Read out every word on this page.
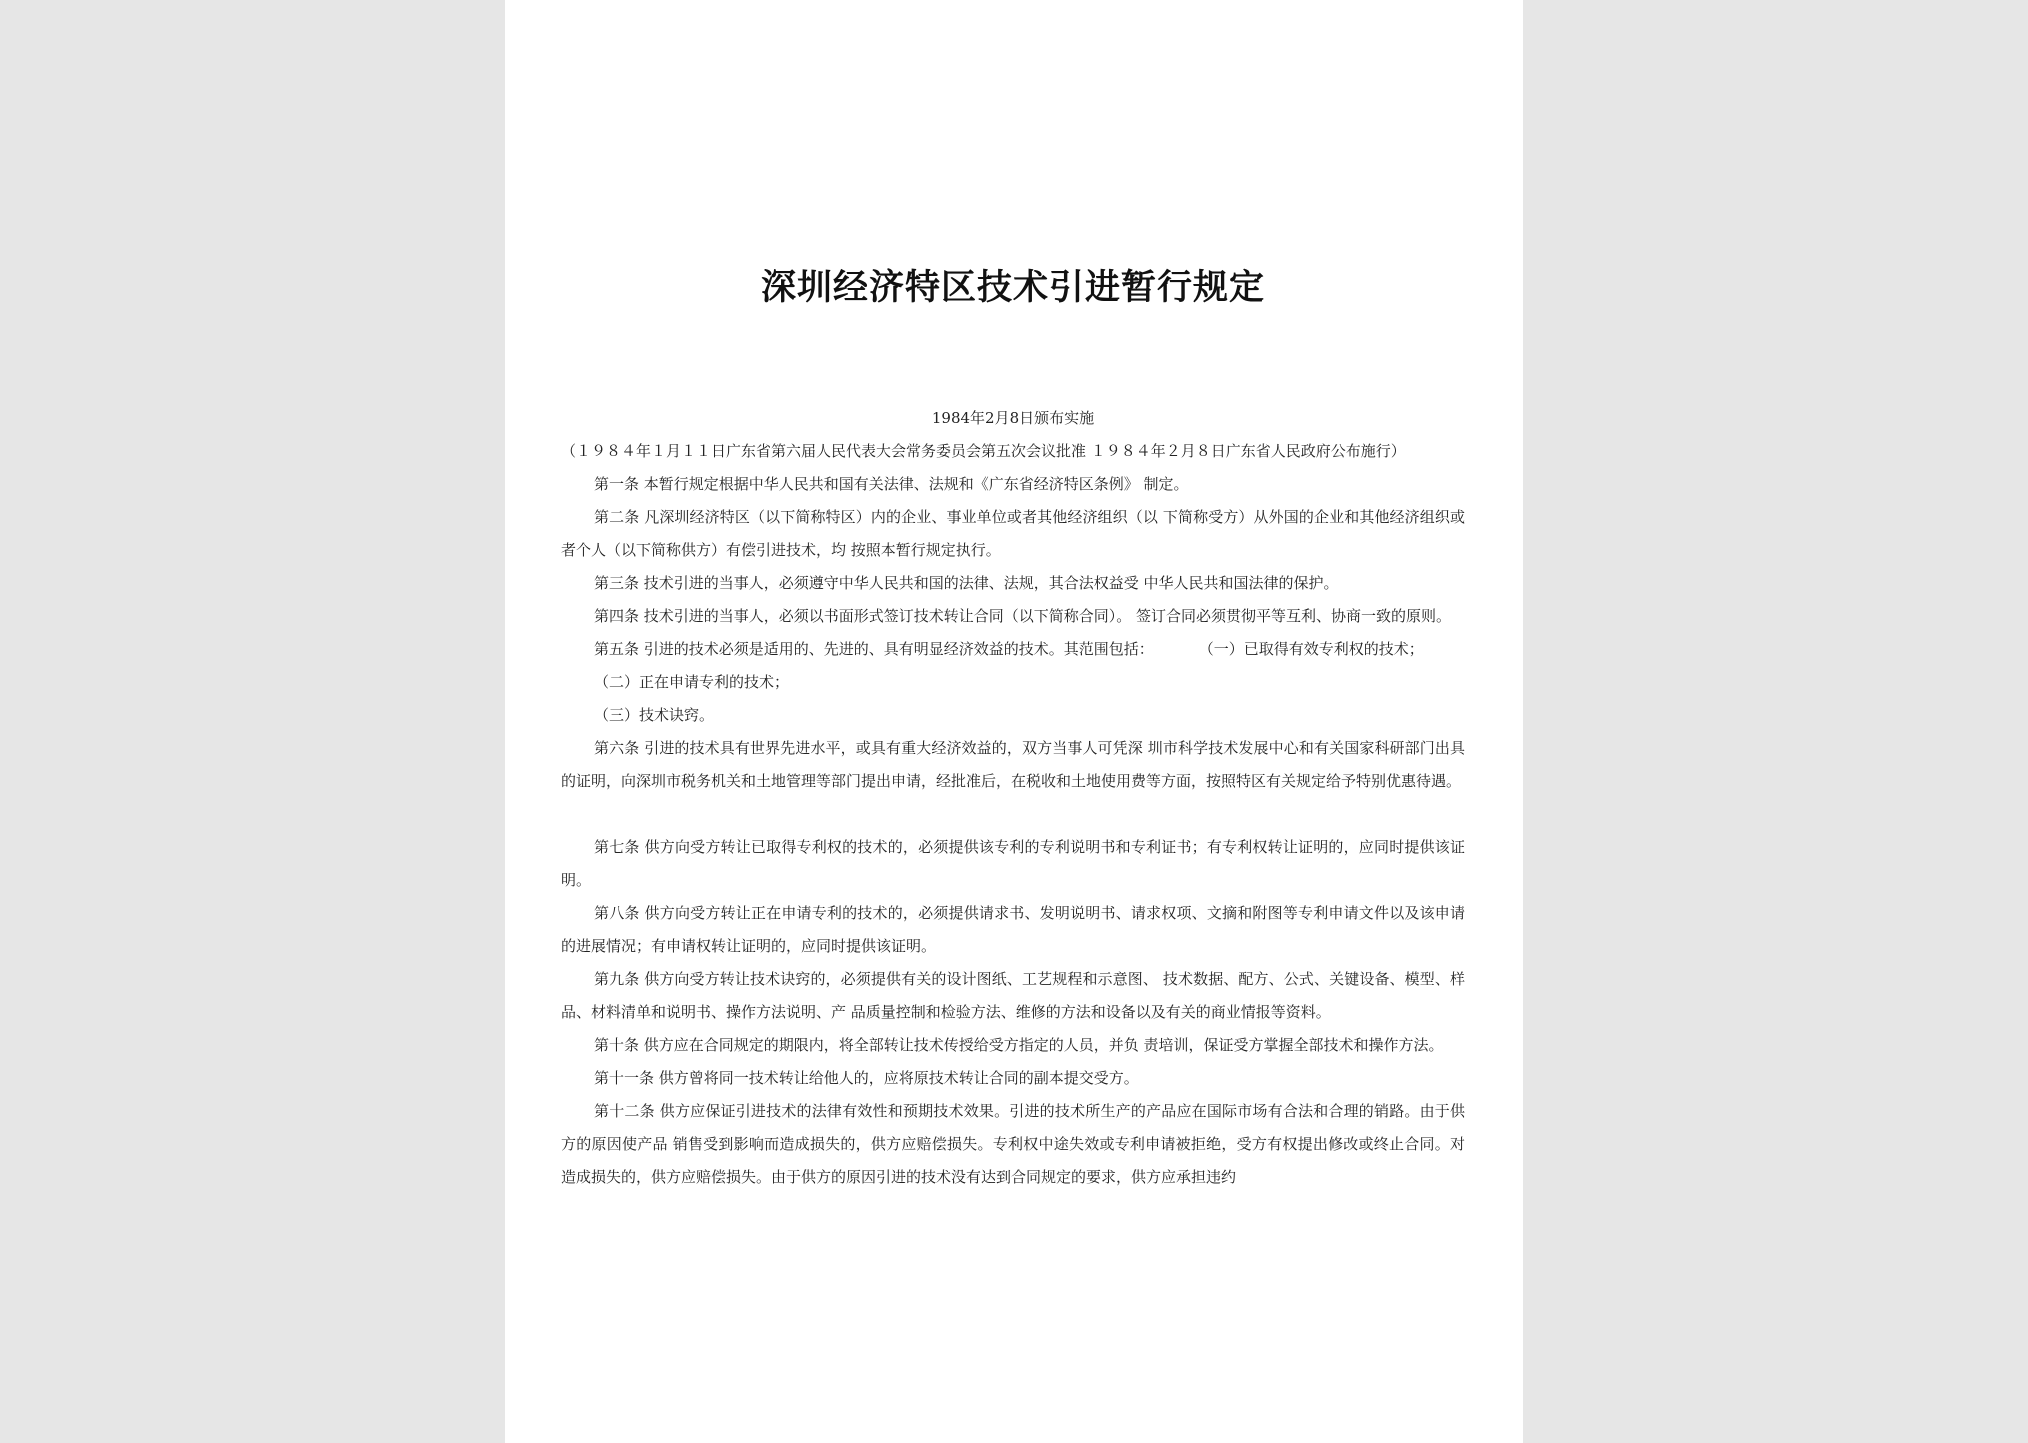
深圳经济特区技术引进暂行规定
1984年2月8日颁布实施

（１９８４年１月１１日广东省第六届人民代表大会常务委员会第五次会议批准 １９８４年２月８日广东省人民政府公布施行）

第一条 本暂行规定根据中华人民共和国有关法律、法规和《广东省经济特区条例》 制定。

第二条 凡深圳经济特区（以下简称特区）内的企业、事业单位或者其他经济组织（以 下简称受方）从外国的企业和其他经济组织或者个人（以下简称供方）有偿引进技术，均 按照本暂行规定执行。

第三条 技术引进的当事人，必须遵守中华人民共和国的法律、法规，其合法权益受 中华人民共和国法律的保护。

第四条 技术引进的当事人，必须以书面形式签订技术转让合同（以下简称合同）。 签订合同必须贯彻平等互利、协商一致的原则。

第五条 引进的技术必须是适用的、先进的、具有明显经济效益的技术。其范围包括：　　　　（一）已取得有效专利权的技术；

（二）正在申请专利的技术；

（三）技术诀窍。

第六条 引进的技术具有世界先进水平，或具有重大经济效益的，双方当事人可凭深 圳市科学技术发展中心和有关国家科研部门出具的证明，向深圳市税务机关和土地管理等部门提出申请，经批准后，在税收和土地使用费等方面，按照特区有关规定给予特别优惠待遇。

第七条 供方向受方转让已取得专利权的技术的，必须提供该专利的专利说明书和专利证书；有专利权转让证明的，应同时提供该证明。

第八条 供方向受方转让正在申请专利的技术的，必须提供请求书、发明说明书、请求权项、文摘和附图等专利申请文件以及该申请的进展情况；有申请权转让证明的，应同时提供该证明。

第九条 供方向受方转让技术诀窍的，必须提供有关的设计图纸、工艺规程和示意图、 技术数据、配方、公式、关键设备、模型、样品、材料清单和说明书、操作方法说明、产 品质量控制和检验方法、维修的方法和设备以及有关的商业情报等资料。

第十条 供方应在合同规定的期限内，将全部转让技术传授给受方指定的人员，并负 责培训，保证受方掌握全部技术和操作方法。

第十一条 供方曾将同一技术转让给他人的，应将原技术转让合同的副本提交受方。

第十二条 供方应保证引进技术的法律有效性和预期技术效果。引进的技术所生产的产品应在国际市场有合法和合理的销路。由于供方的原因使产品 销售受到影响而造成损失的，供方应赔偿损失。专利权中途失效或专利申请被拒绝，受方有权提出修改或终止合同。对造成损失的，供方应赔偿损失。由于供方的原因引进的技术没有达到合同规定的要求，供方应承担违约
